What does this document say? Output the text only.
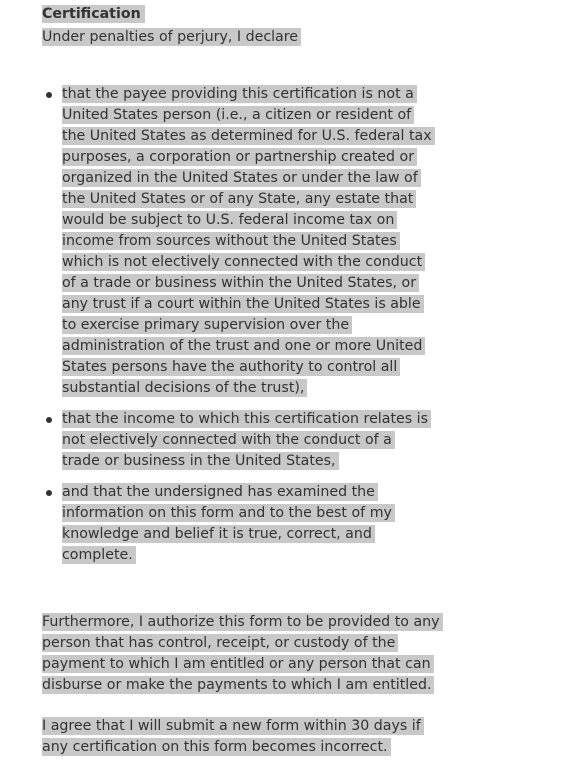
Certification
Under penalties of perjury, I declare
that the payee providing this certification is not a
United States person (i.e., a citizen or resident of
the United States as determined for U.S. federal tax
purposes, a corporation or partnership created or
organized in the United States or under the law of
the United States or of any State, any estate that
would be subject to U.S. federal income tax on
income from sources without the United States
which is not electively connected with the conduct
of a trade or business within the United States, or
any trust if a court within the United States is able
to exercise primary supervision over the
administration of the trust and one or more United
States persons have the authority to control all
substantial decisions of the trust),
that the income to which this certification relates is
not electively connected with the conduct of a
trade or business in the United States,
and that the undersigned has examined the
information on this form and to the best of my
knowledge and belief it is true, correct, and
complete.
Furthermore, I authorize this form to be provided to any
person that has control, receipt, or custody of the
payment to which I am entitled or any person that can
disburse or make the payments to which I am entitled.
I agree that I will submit a new form within 30 days if
any certification on this form becomes incorrect.
